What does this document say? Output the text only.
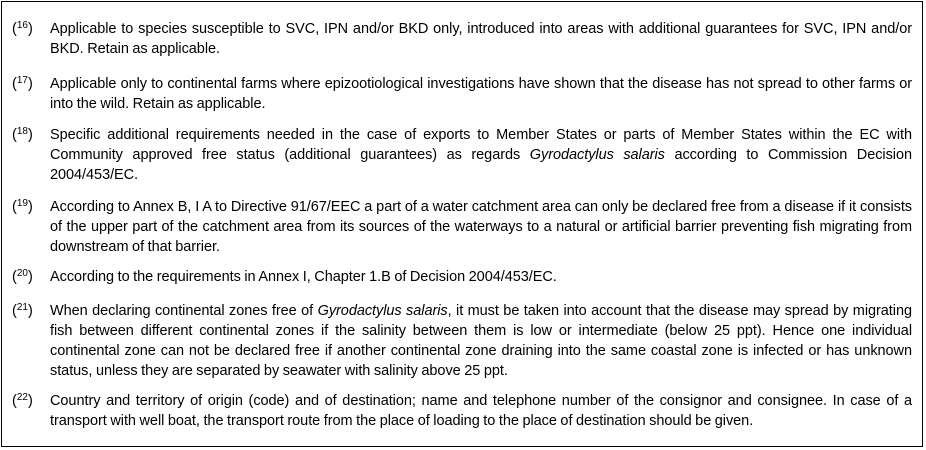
($^{16}$) Applicable to species susceptible to SVC, IPN and/or BKD only, introduced into areas with additional guarantees for SVC, IPN and/or BKD. Retain as applicable.
($^{17}$) Applicable only to continental farms where epizootiological investigations have shown that the disease has not spread to other farms or into the wild. Retain as applicable.
($^{18}$) Specific additional requirements needed in the case of exports to Member States or parts of Member States within the EC with Community approved free status (additional guarantees) as regards Gyrodactylus salaris according to Commission Decision 2004/453/EC.
($^{19}$) According to Annex B, I A to Directive 91/67/EEC a part of a water catchment area can only be declared free from a disease if it consists of the upper part of the catchment area from its sources of the waterways to a natural or artificial barrier preventing fish migrating from downstream of that barrier.
($^{20}$) According to the requirements in Annex I, Chapter 1.B of Decision 2004/453/EC.
($^{21}$) When declaring continental zones free of Gyrodactylus salaris, it must be taken into account that the disease may spread by migrating fish between different continental zones if the salinity between them is low or intermediate (below 25 ppt). Hence one individual continental zone can not be declared free if another continental zone draining into the same coastal zone is infected or has unknown status, unless they are separated by seawater with salinity above 25 ppt.
($^{22}$) Country and territory of origin (code) and of destination; name and telephone number of the consignor and consignee. In case of a transport with well boat, the transport route from the place of loading to the place of destination should be given.
